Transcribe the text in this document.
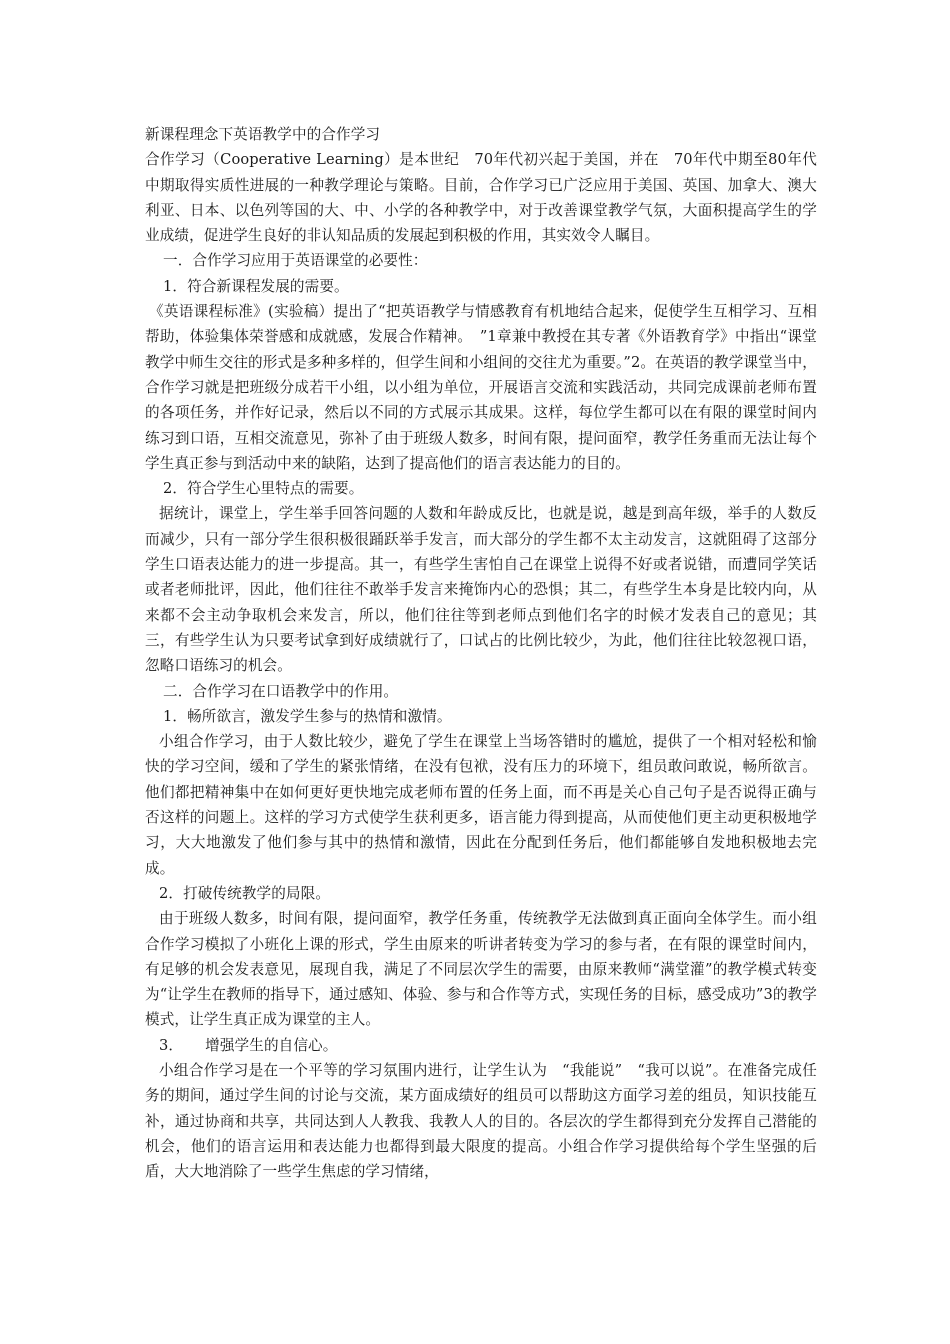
新课程理念下英语教学中的合作学习

合作学习（Cooperative Learning）是本世纪　70年代初兴起于美国，并在　70年代中期至80年代中期取得实质性进展的一种教学理论与策略。目前，合作学习已广泛应用于美国、英国、加拿大、澳大利亚、日本、以色列等国的大、中、小学的各种教学中，对于改善课堂教学气氛，大面积提高学生的学业成绩，促进学生良好的非认知品质的发展起到积极的作用，其实效令人瞩目。

一．合作学习应用于英语课堂的必要性：

1．符合新课程发展的需要。

《英语课程标准》(实验稿）提出了“把英语教学与情感教育有机地结合起来，促使学生互相学习、互相帮助，体验集体荣誉感和成就感，发展合作精神。　”1章兼中教授在其专著《外语教育学》中指出“课堂教学中师生交往的形式是多种多样的，但学生间和小组间的交往尤为重要。”2。在英语的教学课堂当中，合作学习就是把班级分成若干小组，以小组为单位，开展语言交流和实践活动，共同完成课前老师布置的各项任务，并作好记录，然后以不同的方式展示其成果。这样，每位学生都可以在有限的课堂时间内练习到口语，互相交流意见，弥补了由于班级人数多，时间有限，提问面窄，教学任务重而无法让每个学生真正参与到活动中来的缺陷，达到了提高他们的语言表达能力的目的。

2．符合学生心里特点的需要。

据统计，课堂上，学生举手回答问题的人数和年龄成反比，也就是说，越是到高年级，举手的人数反而减少，只有一部分学生很积极很踊跃举手发言，而大部分的学生都不太主动发言，这就阻碍了这部分学生口语表达能力的进一步提高。其一，有些学生害怕自己在课堂上说得不好或者说错，而遭同学笑话或者老师批评，因此，他们往往不敢举手发言来掩饰内心的恐惧；其二，有些学生本身是比较内向，从来都不会主动争取机会来发言，所以，他们往往等到老师点到他们名字的时候才发表自己的意见；其三，有些学生认为只要考试拿到好成绩就行了，口试占的比例比较少，为此，他们往往比较忽视口语，忽略口语练习的机会。

二．合作学习在口语教学中的作用。

1．畅所欲言，激发学生参与的热情和激情。

小组合作学习，由于人数比较少，避免了学生在课堂上当场答错时的尴尬，提供了一个相对轻松和愉快的学习空间，缓和了学生的紧张情绪，在没有包袱，没有压力的环境下，组员敢问敢说，畅所欲言。他们都把精神集中在如何更好更快地完成老师布置的任务上面，而不再是关心自己句子是否说得正确与否这样的问题上。这样的学习方式使学生获利更多，语言能力得到提高，从而使他们更主动更积极地学习，大大地激发了他们参与其中的热情和激情，因此在分配到任务后，他们都能够自发地积极地去完成。

2．打破传统教学的局限。

由于班级人数多，时间有限，提问面窄，教学任务重，传统教学无法做到真正面向全体学生。而小组合作学习模拟了小班化上课的形式，学生由原来的听讲者转变为学习的参与者，在有限的课堂时间内，有足够的机会发表意见，展现自我，满足了不同层次学生的需要，由原来教师“满堂灌”的教学模式转变为“让学生在教师的指导下，通过感知、体验、参与和合作等方式，实现任务的目标，感受成功”3的教学模式，让学生真正成为课堂的主人。

3．　　增强学生的自信心。

小组合作学习是在一个平等的学习氛围内进行，让学生认为　“我能说”　“我可以说”。在准备完成任务的期间，通过学生间的讨论与交流，某方面成绩好的组员可以帮助这方面学习差的组员，知识技能互补，通过协商和共享，共同达到人人教我、我教人人的目的。各层次的学生都得到充分发挥自己潜能的机会，他们的语言运用和表达能力也都得到最大限度的提高。小组合作学习提供给每个学生坚强的后盾，大大地消除了一些学生焦虑的学习情绪，
